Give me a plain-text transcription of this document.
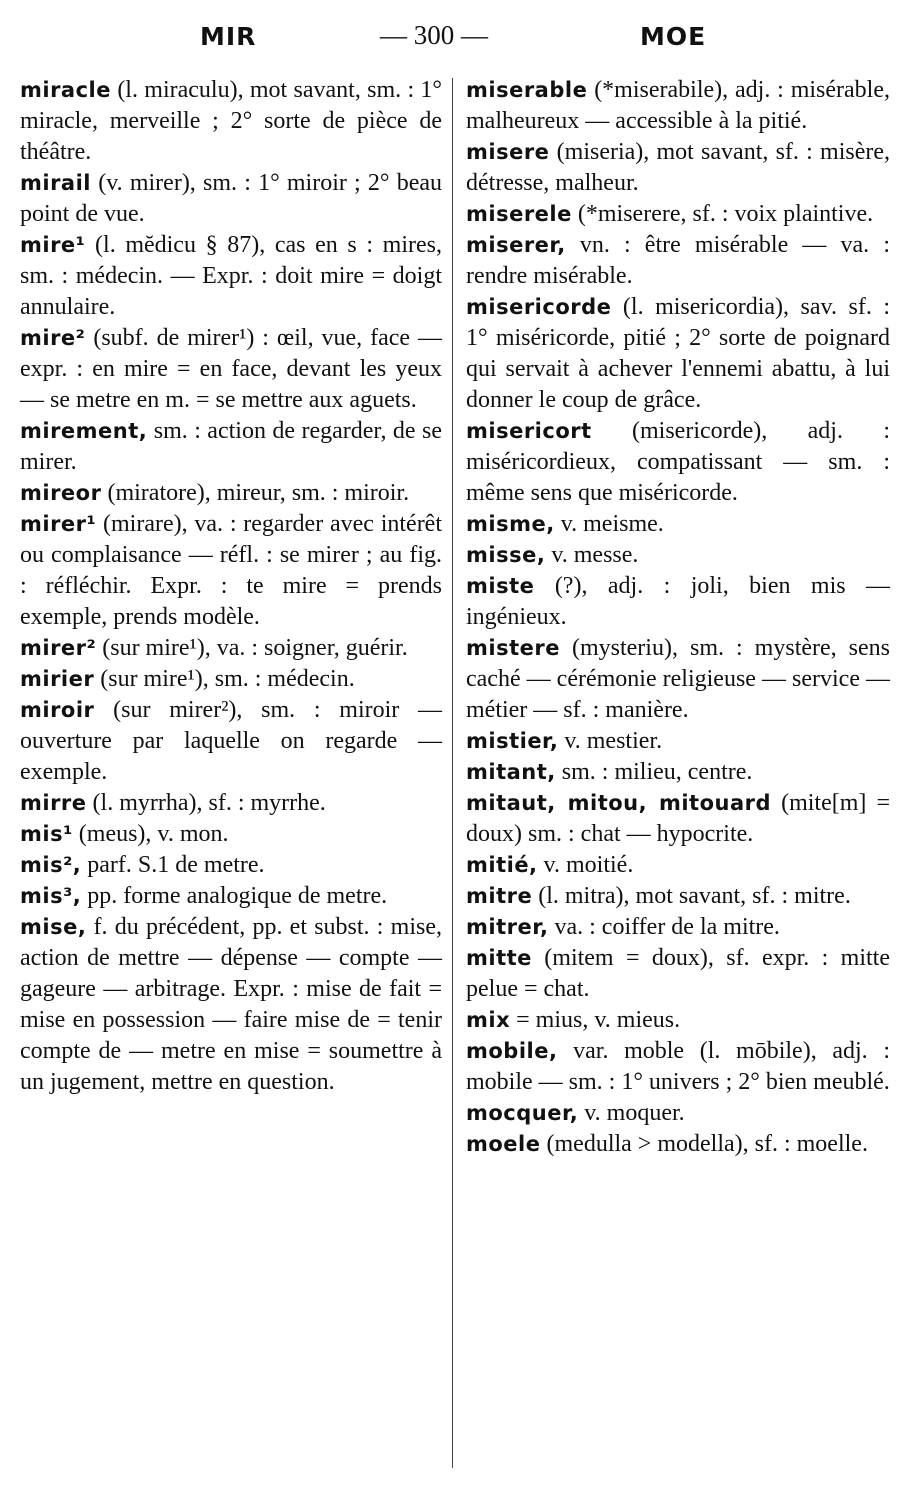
MIR	— 300 —	MOE

miracle (l. miraculu), mot savant, sm. : 1° miracle, merveille ; 2° sorte de pièce de théâtre.

mirail (v. mirer), sm. : 1° miroir ; 2° beau point de vue.

mire¹ (l. mĕdicu § 87), cas en s : mires, sm. : médecin. — Expr. : doit mire = doigt annulaire.

mire² (subf. de mirer¹) : œil, vue, face — expr. : en mire = en face, devant les yeux — se metre en m. = se mettre aux aguets.

mirement, sm. : action de regarder, de se mirer.

mireor (miratore), mireur, sm. : miroir.

mirer¹ (mirare), va. : regarder avec intérêt ou complaisance — réfl. : se mirer ; au fig. : réfléchir. Expr. : te mire = prends exemple, prends modèle.

mirer² (sur mire¹), va. : soigner, guérir.

mirier (sur mire¹), sm. : médecin.

miroir (sur mirer²), sm. : miroir — ouverture par laquelle on regarde — exemple.

mirre (l. myrrha), sf. : myrrhe.

mis¹ (meus), v. mon.

mis², parf. S.1 de metre.

mis³, pp. forme analogique de metre.

mise, f. du précédent, pp. et subst. : mise, action de mettre — dépense — compte — gageure — arbitrage. Expr. : mise de fait = mise en possession — faire mise de = tenir compte de — metre en mise = soumettre à un jugement, mettre en question.

miserable (*miserabile), adj. : misérable, malheureux — accessible à la pitié.

misere (miseria), mot savant, sf. : misère, détresse, malheur.

miserele (*miserere, sf. : voix plaintive.

miserer, vn. : être misérable — va. : rendre misérable.

misericorde (l. misericordia), sav. sf. : 1° miséricorde, pitié ; 2° sorte de poignard qui servait à achever l'ennemi abattu, à lui donner le coup de grâce.

misericort (misericorde), adj. : miséricordieux, compatissant — sm. : même sens que miséricorde.

misme, v. meisme.

misse, v. messe.

miste (?), adj. : joli, bien mis — ingénieux.

mistere (mysteriu), sm. : mystère, sens caché — cérémonie religieuse — service — métier — sf. : manière.

mistier, v. mestier.

mitant, sm. : milieu, centre.

mitaut, mitou, mitouard (mite[m] = doux) sm. : chat — hypocrite.

mitié, v. moitié.

mitre (l. mitra), mot savant, sf. : mitre.

mitrer, va. : coiffer de la mitre.

mitte (mitem = doux), sf. expr. : mitte pelue = chat.

mix = mius, v. mieus.

mobile, var. moble (l. mōbile), adj. : mobile — sm. : 1° univers ; 2° bien meublé.

mocquer, v. moquer.

moele (medulla > modella), sf. : moelle.
